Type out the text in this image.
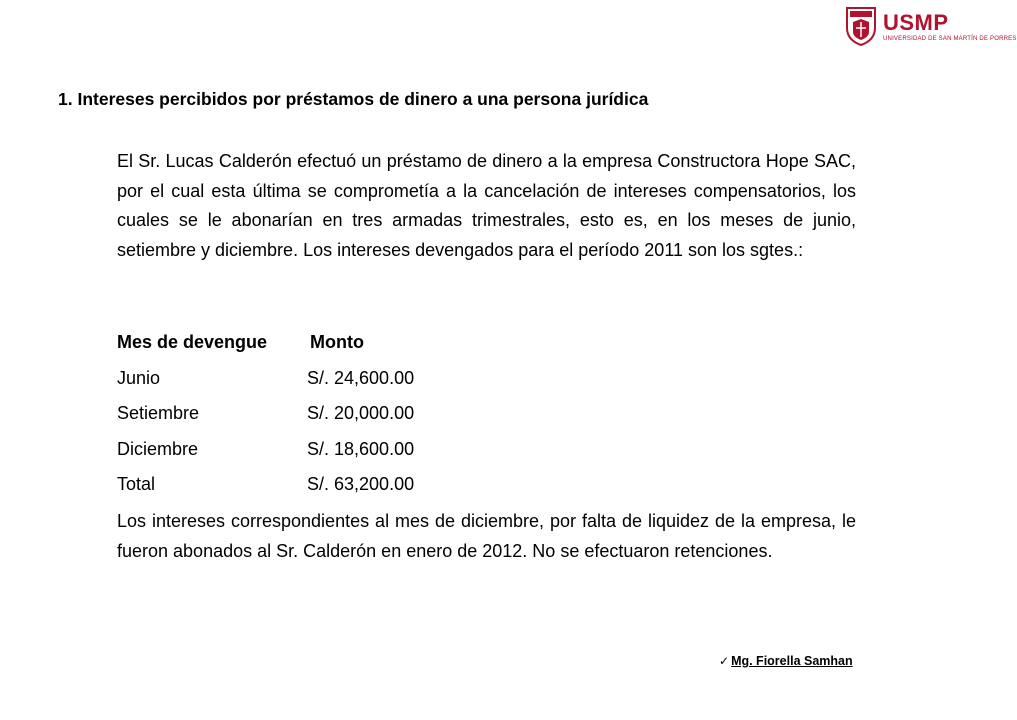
USMP
UNIVERSIDAD DE SAN MARTÍN DE PORRES
1. Intereses percibidos por préstamos de dinero a una persona jurídica
El Sr. Lucas Calderón efectuó un préstamo de dinero a la empresa Constructora Hope SAC, por el cual esta última se comprometía a la cancelación de intereses compensatorios, los cuales se le abonarían en tres armadas trimestrales, esto es, en los meses de junio, setiembre y diciembre. Los intereses devengados para el período 2011 son los sgtes.:
Mes de devengue Monto
Junio	S/. 24,600.00
Setiembre	S/. 20,000.00
Diciembre	S/. 18,600.00
Total	S/. 63,200.00
Los intereses correspondientes al mes de diciembre, por falta de liquidez de la empresa, le fueron abonados al Sr. Calderón en enero de 2012. No se efectuaron retenciones.
✓ Mg. Fiorella Samhan
